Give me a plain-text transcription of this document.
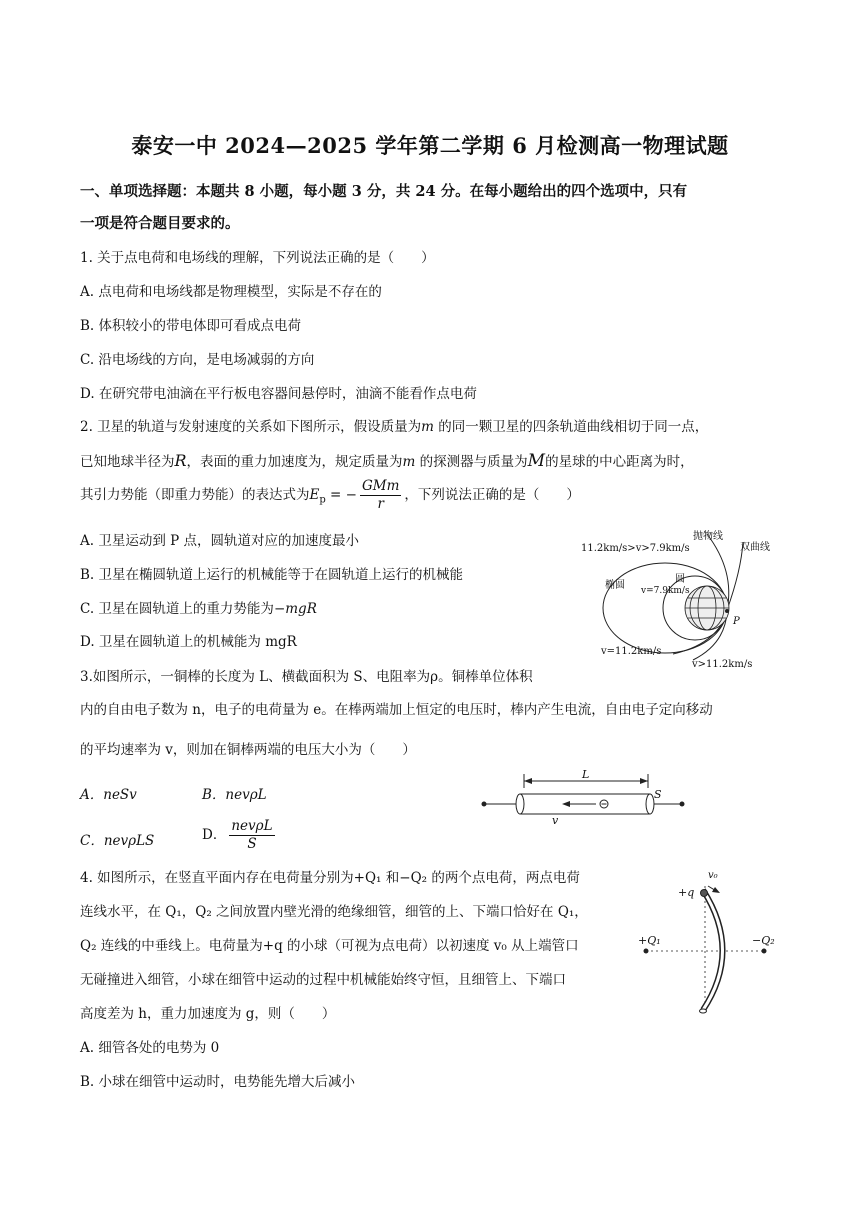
泰安一中 2024—2025 学年第二学期 6 月检测高一物理试题
一、单项选择题：本题共 8 小题，每小题 3 分，共 24 分。在每小题给出的四个选项中，只有
一项是符合题目要求的。
1. 关于点电荷和电场线的理解，下列说法正确的是（　　）
A. 点电荷和电场线都是物理模型，实际是不存在的
B. 体积较小的带电体即可看成点电荷
C. 沿电场线的方向，是电场减弱的方向
D. 在研究带电油滴在平行板电容器间悬停时，油滴不能看作点电荷
2. 卫星的轨道与发射速度的关系如下图所示，假设质量为m 的同一颗卫星的四条轨道曲线相切于同一点，
已知地球半径为R，表面的重力加速度为，规定质量为m 的探测器与质量为M的星球的中心距离为时，
其引力势能（即重力势能）的表达式为$E_p$ = − $\frac{\text{GMm}}{r}$ ，下列说法正确的是（　　）
A. 卫星运动到 P 点，圆轨道对应的加速度最小
B. 卫星在椭圆轨道上运行的机械能等于在圆轨道上运行的机械能
C. 卫星在圆轨道上的重力势能为−mgR
D. 卫星在圆轨道上的机械能为 mgR
11.2km/s>v>7.9km/s
抛物线
双曲线
椭圆
圆
v=7.9km/s
P
v=11.2km/s
v>11.2km/s
3.如图所示，一铜棒的长度为 L、横截面积为 S、电阻率为ρ。铜棒单位体积
内的自由电子数为 n，电子的电荷量为 e。在棒两端加上恒定的电压时，棒内产生电流，自由电子定向移动
的平均速率为 v，则加在铜棒两端的电压大小为（　　）
A．neSv	B．nevρL
C．nevρLS	D． $\frac{\text{nevρL}}{S}$
L
S
v
4. 如图所示，在竖直平面内存在电荷量分别为+Q₁ 和−Q₂ 的两个点电荷，两点电荷
连线水平，在 Q₁，Q₂ 之间放置内壁光滑的绝缘细管，细管的上、下端口恰好在 Q₁，
Q₂ 连线的中垂线上。电荷量为+q 的小球（可视为点电荷）以初速度 v₀ 从上端管口
无碰撞进入细管，小球在细管中运动的过程中机械能始终守恒，且细管上、下端口
高度差为 h，重力加速度为 g，则（　　）
A. 细管各处的电势为 0
B. 小球在细管中运动时，电势能先增大后减小
v₀
+q
+Q₁	−Q₂
